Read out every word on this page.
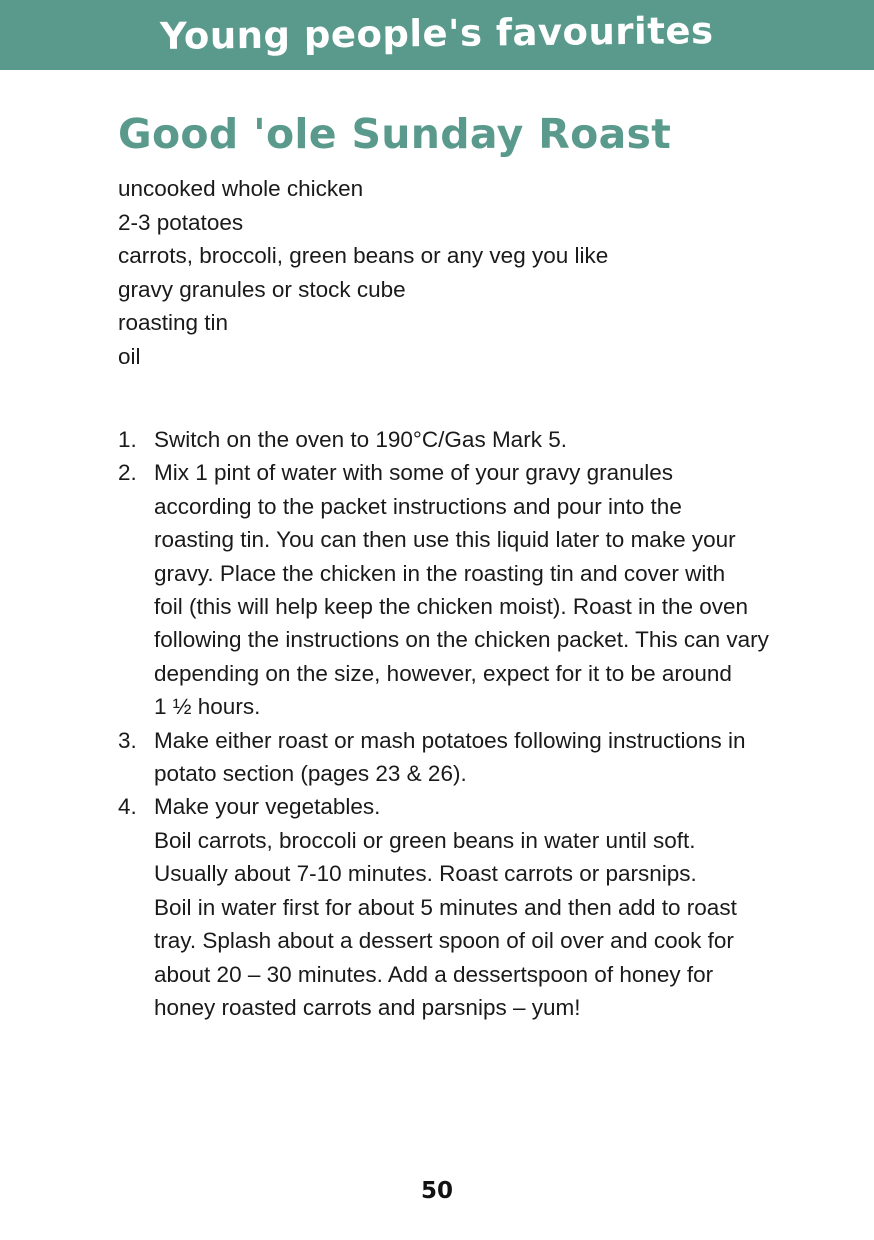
Young people's favourites
Good 'ole Sunday Roast
uncooked whole chicken
2-3 potatoes
carrots, broccoli, green beans or any veg you like
gravy granules or stock cube
roasting tin
oil
1. Switch on the oven to 190°C/Gas Mark 5.
2. Mix 1 pint of water with some of your gravy granules
according to the packet instructions and pour into the
roasting tin. You can then use this liquid later to make your
gravy. Place the chicken in the roasting tin and cover with
foil (this will help keep the chicken moist). Roast in the oven
following the instructions on the chicken packet. This can vary
depending on the size, however, expect for it to be around
1 ½ hours.
3. Make either roast or mash potatoes following instructions in
potato section (pages 23 & 26).
4. Make your vegetables.
Boil carrots, broccoli or green beans in water until soft.
Usually about 7-10 minutes. Roast carrots or parsnips.
Boil in water first for about 5 minutes and then add to roast
tray. Splash about a dessert spoon of oil over and cook for
about 20 – 30 minutes. Add a dessertspoon of honey for
honey roasted carrots and parsnips – yum!
50
